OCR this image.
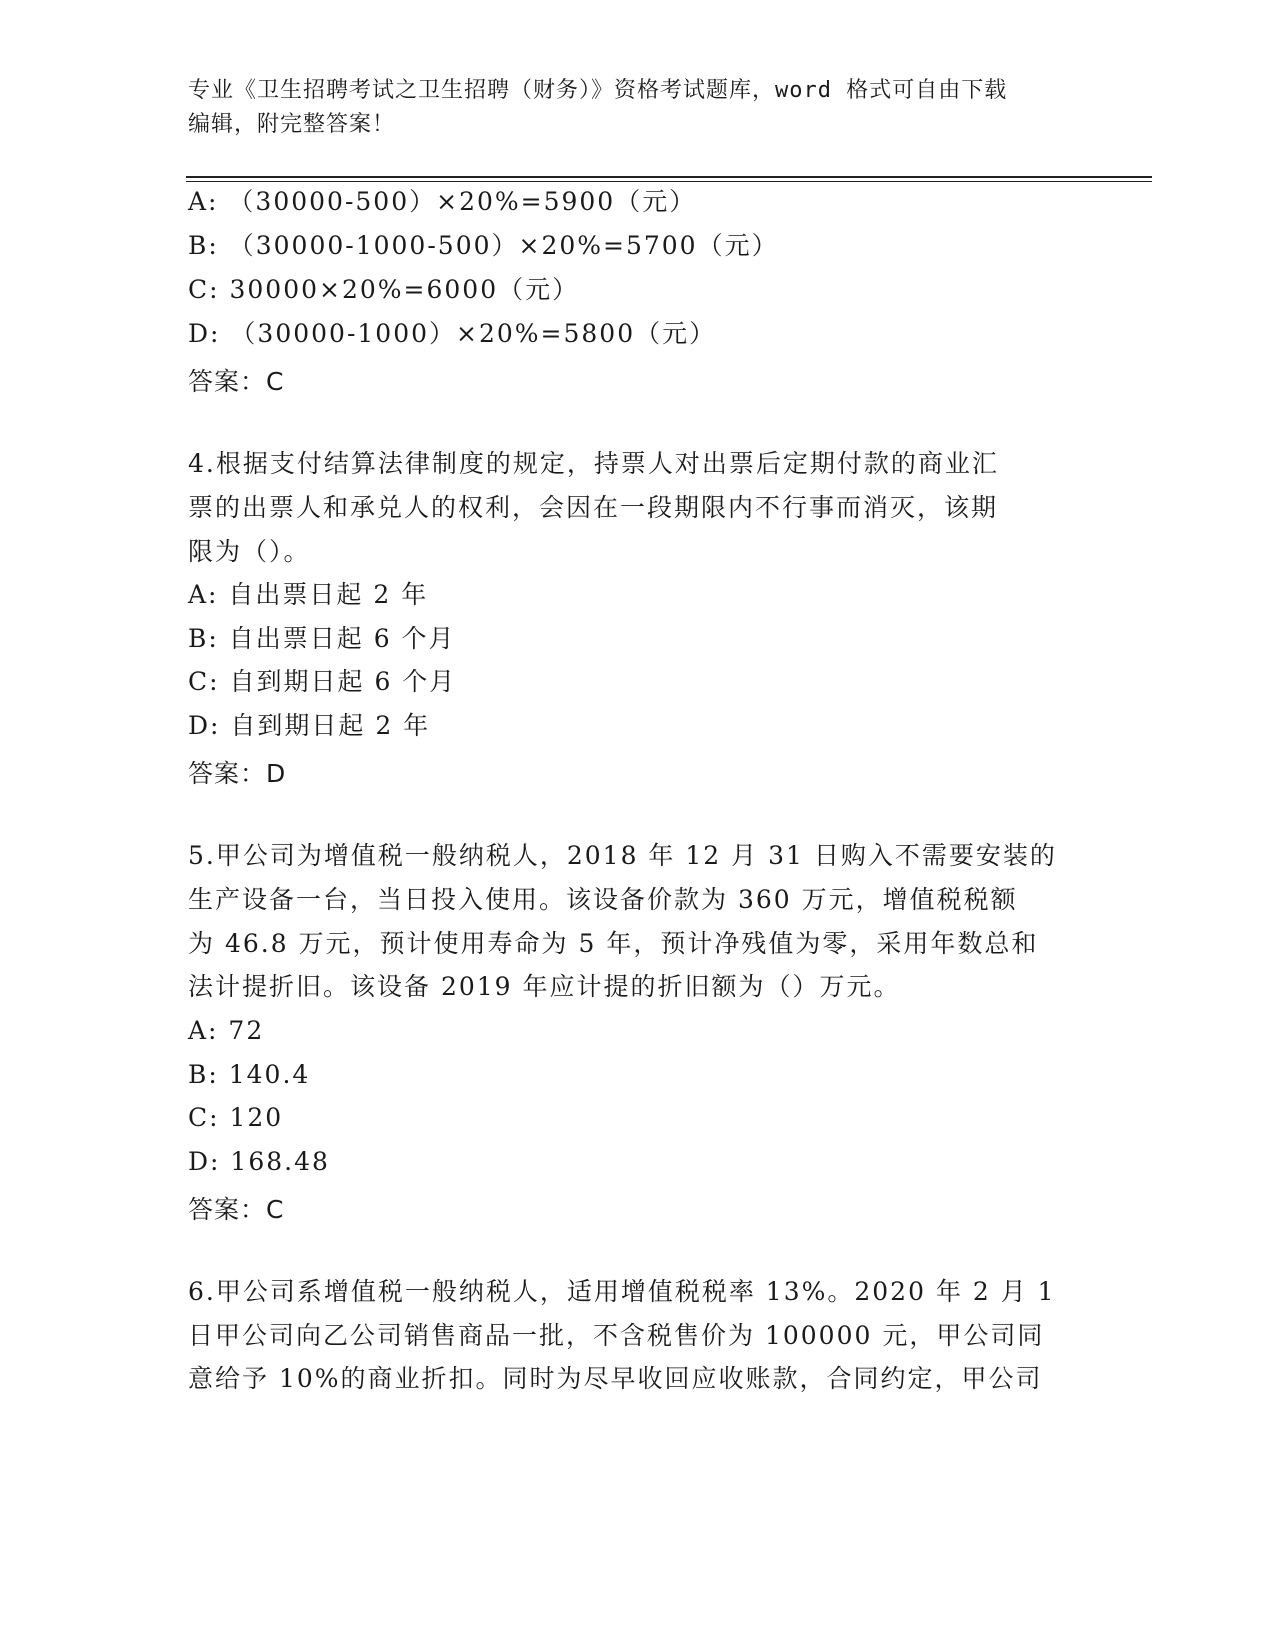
专业《卫生招聘考试之卫生招聘（财务）》资格考试题库，word 格式可自由下载
编辑，附完整答案！
A: （30000-500）×20%=5900（元）
B: （30000-1000-500）×20%=5700（元）
C: 30000×20%=6000（元）
D: （30000-1000）×20%=5800（元）
答案：C
4.根据支付结算法律制度的规定，持票人对出票后定期付款的商业汇
票的出票人和承兑人的权利，会因在一段期限内不行事而消灭，该期
限为（）。
A: 自出票日起 2 年
B: 自出票日起 6 个月
C: 自到期日起 6 个月
D: 自到期日起 2 年
答案：D
5.甲公司为增值税一般纳税人，2018 年 12 月 31 日购入不需要安装的
生产设备一台，当日投入使用。该设备价款为 360 万元，增值税税额
为 46.8 万元，预计使用寿命为 5 年，预计净残值为零，采用年数总和
法计提折旧。该设备 2019 年应计提的折旧额为（）万元。
A: 72
B: 140.4
C: 120
D: 168.48
答案：C
6.甲公司系增值税一般纳税人，适用增值税税率 13%。2020 年 2 月 1
日甲公司向乙公司销售商品一批，不含税售价为 100000 元，甲公司同
意给予 10%的商业折扣。同时为尽早收回应收账款，合同约定，甲公司
